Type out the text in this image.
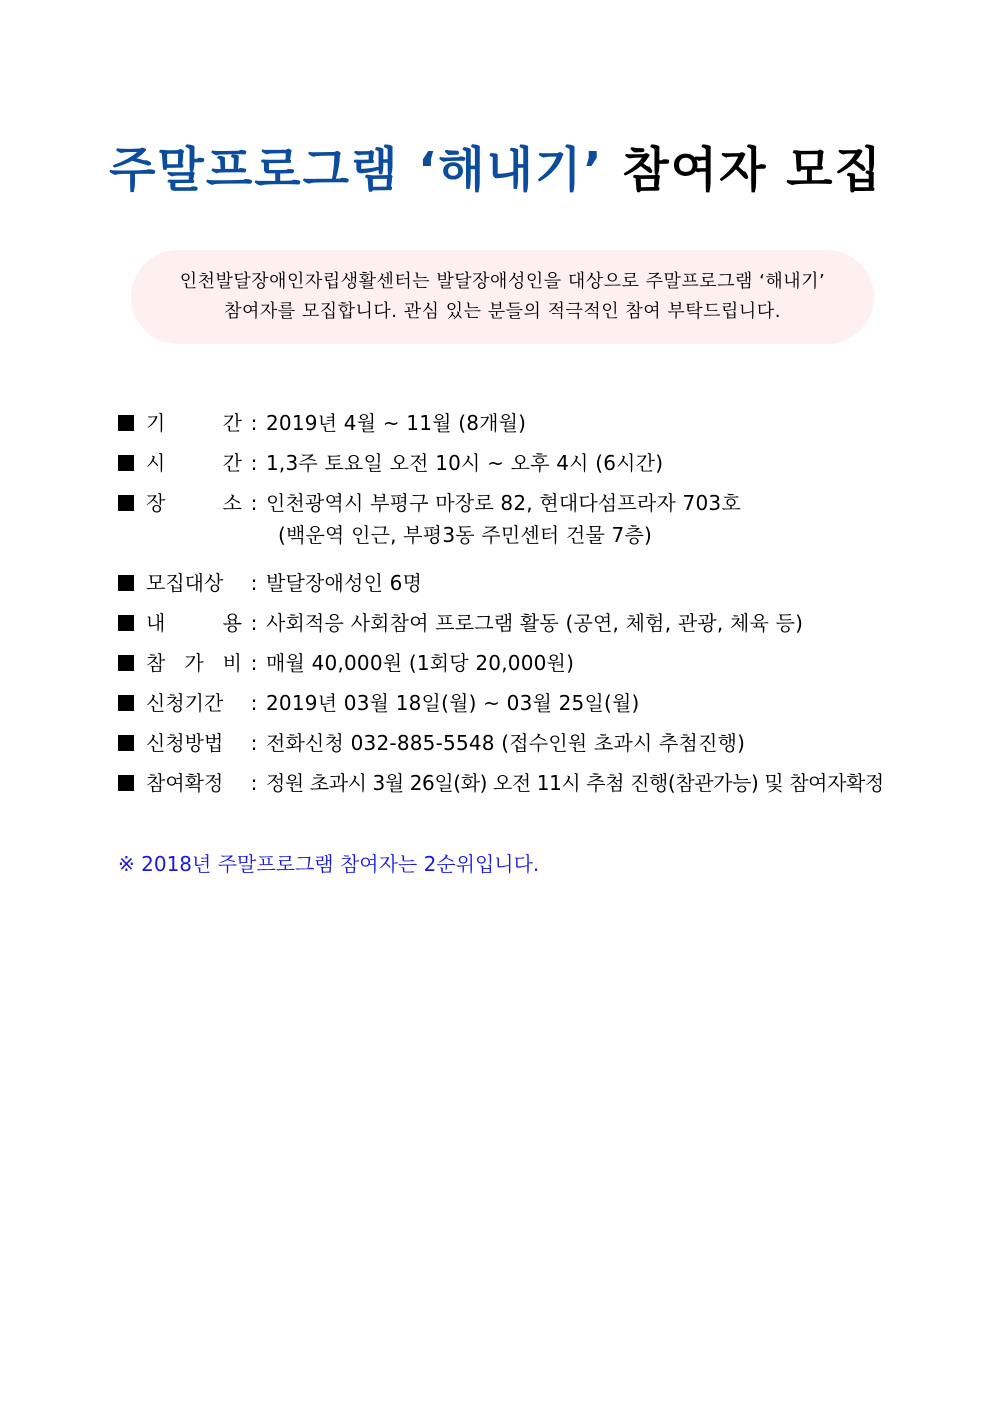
주말프로그램 ‘해내기’ 참여자 모집
인천발달장애인자립생활센터는 발달장애성인을 대상으로 주말프로그램 ‘해내기’
참여자를 모집합니다. 관심 있는 분들의 적극적인 참여 부탁드립니다.
기	간 : 2019년 4월 ~ 11월 (8개월)
시	간 : 1,3주 토요일 오전 10시 ~ 오후 4시 (6시간)
장	소 : 인천광역시 부평구 마장로 82, 현대다섬프라자 703호
(백운역 인근, 부평3동 주민센터 건물 7층)
모집대상	: 발달장애성인 6명
내	용 : 사회적응 사회참여 프로그램 활동 (공연, 체험, 관광, 체육 등)
참 가 비 : 매월 40,000원 (1회당 20,000원)
신청기간	: 2019년 03월 18일(월) ~ 03월 25일(월)
신청방법	: 전화신청 032-885-5548 (접수인원 초과시 추첨진행)
참여확정	: 정원 초과시 3월 26일(화) 오전 11시 추첨 진행(참관가능) 및 참여자확정
※ 2018년 주말프로그램 참여자는 2순위입니다.
